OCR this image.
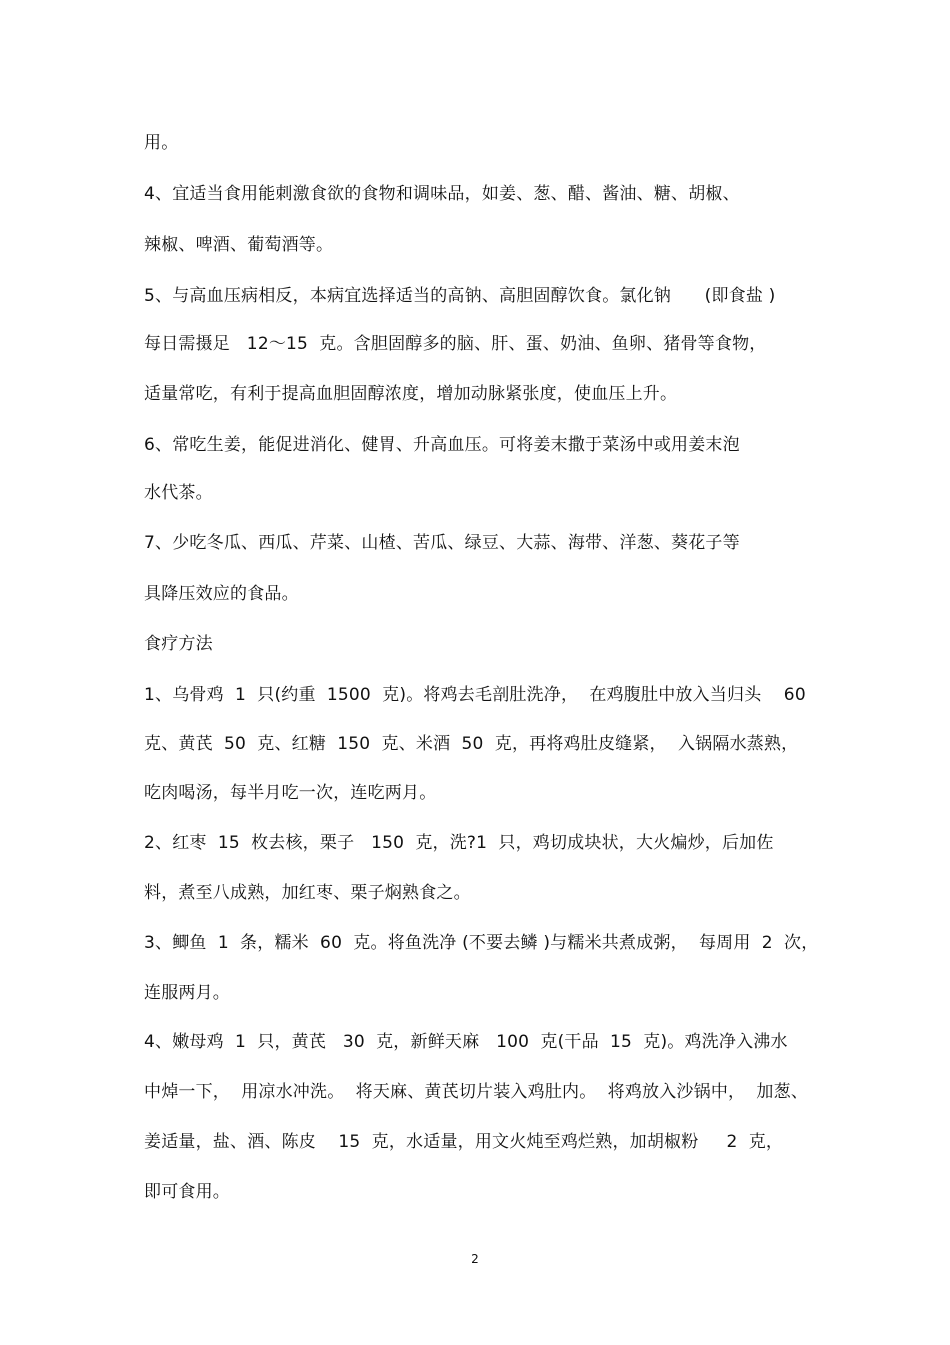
用。
4、宜适当食用能刺激食欲的食物和调味品，如姜、葱、醋、酱油、糖、胡椒、
辣椒、啤酒、葡萄酒等。
5、与高血压病相反，本病宜选择适当的高钠、高胆固醇饮食。氯化钠      (即食盐 )
每日需摄足   12～15  克。含胆固醇多的脑、肝、蛋、奶油、鱼卵、猪骨等食物，
适量常吃，有利于提高血胆固醇浓度，增加动脉紧张度，使血压上升。
6、常吃生姜，能促进消化、健胃、升高血压。可将姜末撒于菜汤中或用姜末泡
水代茶。
7、少吃冬瓜、西瓜、芹菜、山楂、苦瓜、绿豆、大蒜、海带、洋葱、葵花子等
具降压效应的食品。
食疗方法
1、乌骨鸡  1  只(约重  1500  克)。将鸡去毛剖肚洗净，  在鸡腹肚中放入当归头    60
克、黄芪  50  克、红糖  150  克、米酒  50  克，再将鸡肚皮缝紧，  入锅隔水蒸熟，
吃肉喝汤，每半月吃一次，连吃两月。
2、红枣  15  枚去核，栗子   150  克，洗?1  只，鸡切成块状，大火煸炒，后加佐
料，煮至八成熟，加红枣、栗子焖熟食之。
3、鲫鱼  1  条，糯米  60  克。将鱼洗净 (不要去鳞 )与糯米共煮成粥，  每周用  2  次，
连服两月。
4、嫩母鸡  1  只，黄芪   30  克，新鲜天麻   100  克(干品  15  克)。鸡洗净入沸水
中焯一下，  用凉水冲洗。  将天麻、黄芪切片装入鸡肚内。  将鸡放入沙锅中，  加葱、
姜适量，盐、酒、陈皮    15  克，水适量，用文火炖至鸡烂熟，加胡椒粉     2  克，
即可食用。
2
